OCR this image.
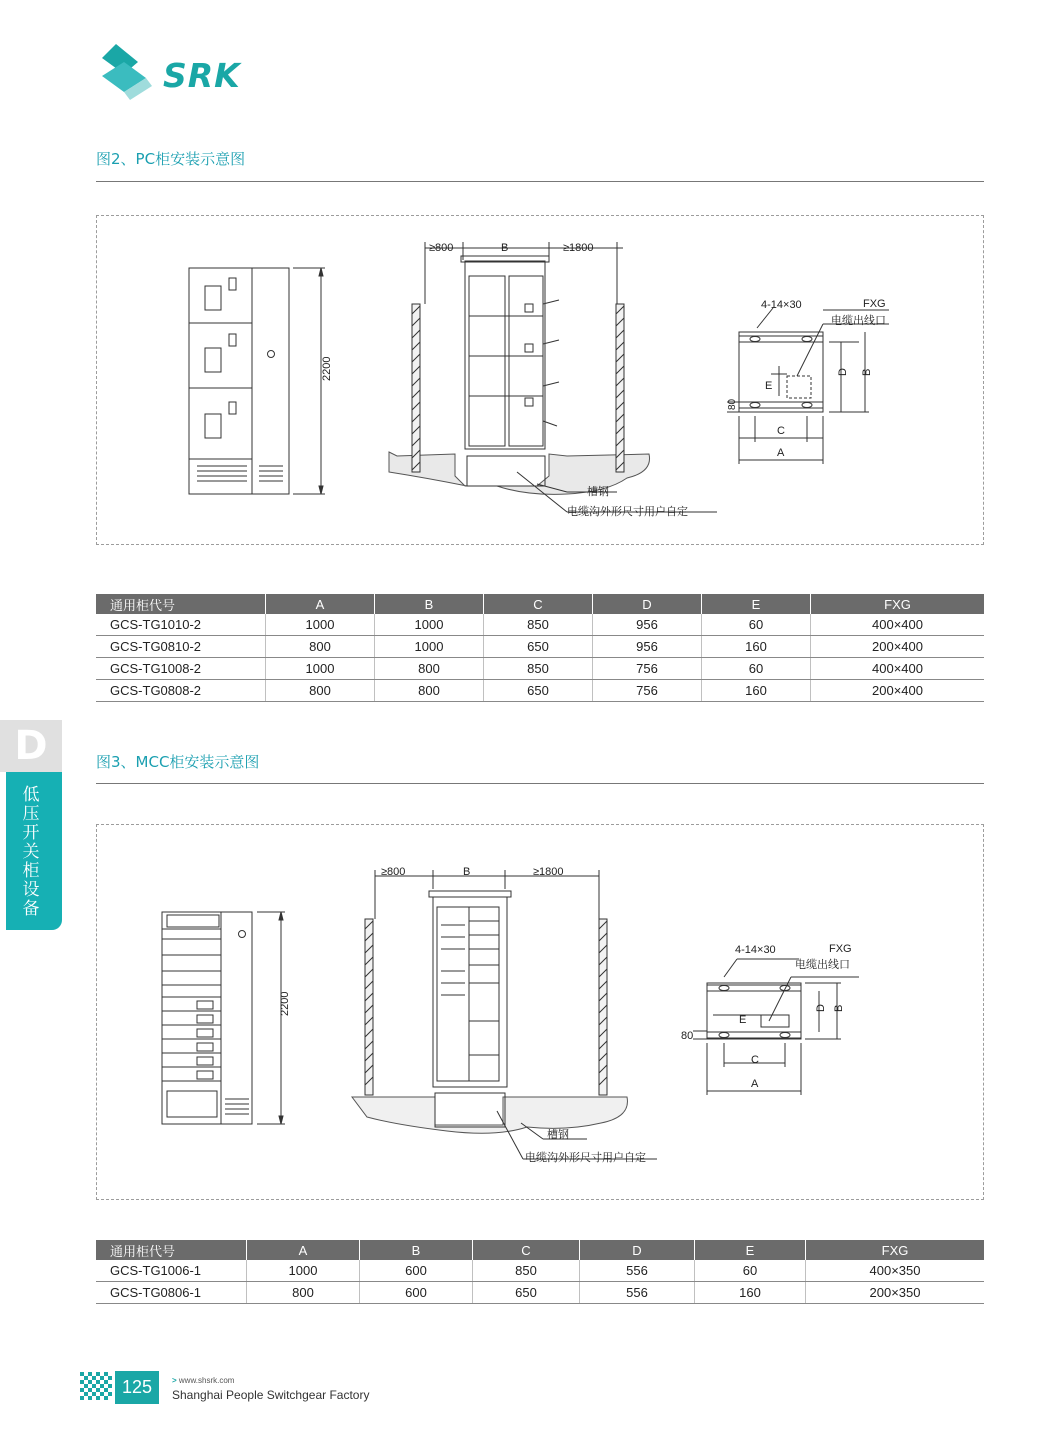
SRK
图2、PC柜安装示意图
2200
≥800	B	≥1800
槽钢
电缆沟外形尺寸用户自定
4-14×30	FXG
电缆出线口
E
D B
80
C
A
通用柜代号	A	B	C	D	E	FXG
GCS-TG1010-2	1000	1000	850	956	60	400×400
GCS-TG0810-2	800	1000	650	956	160	200×400
GCS-TG1008-2	1000	800	850	756	60	400×400
GCS-TG0808-2	800	800	650	756	160	200×400
D
低压开关柜设备
图3、MCC柜安装示意图
2200
≥800	B	≥1800
槽钢
电缆沟外形尺寸用户自定
4-14×30	FXG
电缆出线口
E
D B
80
C
A
通用柜代号	A	B	C	D	E	FXG
GCS-TG1006-1	1000	600	850	556	60	400×350
GCS-TG0806-1	800	600	650	556	160	200×350
125	> www.shsrk.com
Shanghai People Switchgear Factory
